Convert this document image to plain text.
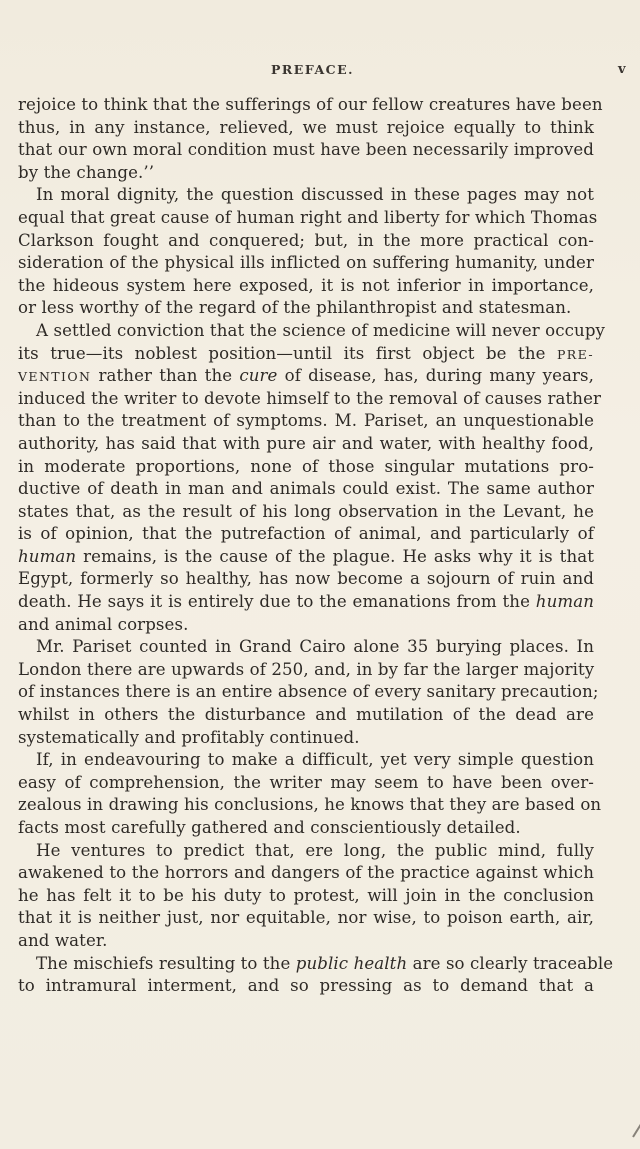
PREFACE.	v
rejoice to think that the sufferings of our fellow creatures have been
thus, in any instance, relieved, we must rejoice equally to think
that our own moral condition must have been necessarily improved
by the change.’’
In moral dignity, the question discussed in these pages may not
equal that great cause of human right and liberty for which Thomas
Clarkson fought and conquered; but, in the more practical con-
sideration of the physical ills inflicted on suffering humanity, under
the hideous system here exposed, it is not inferior in importance,
or less worthy of the regard of the philanthropist and statesman.
A settled conviction that the science of medicine will never occupy
its true—its noblest position—until its first object be the PRE-
VENTION rather than the cure of disease, has, during many years,
induced the writer to devote himself to the removal of causes rather
than to the treatment of symptoms. M. Pariset, an unquestionable
authority, has said that with pure air and water, with healthy food,
in moderate proportions, none of those singular mutations pro-
ductive of death in man and animals could exist. The same author
states that, as the result of his long observation in the Levant, he
is of opinion, that the putrefaction of animal, and particularly of
human remains, is the cause of the plague. He asks why it is that
Egypt, formerly so healthy, has now become a sojourn of ruin and
death. He says it is entirely due to the emanations from the human
and animal corpses.
Mr. Pariset counted in Grand Cairo alone 35 burying places. In
London there are upwards of 250, and, in by far the larger majority
of instances there is an entire absence of every sanitary precaution;
whilst in others the disturbance and mutilation of the dead are
systematically and profitably continued.
If, in endeavouring to make a difficult, yet very simple question
easy of comprehension, the writer may seem to have been over-
zealous in drawing his conclusions, he knows that they are based on
facts most carefully gathered and conscientiously detailed.
He ventures to predict that, ere long, the public mind, fully
awakened to the horrors and dangers of the practice against which
he has felt it to be his duty to protest, will join in the conclusion
that it is neither just, nor equitable, nor wise, to poison earth, air,
and water.
The mischiefs resulting to the public health are so clearly traceable
to intramural interment, and so pressing as to demand that a
